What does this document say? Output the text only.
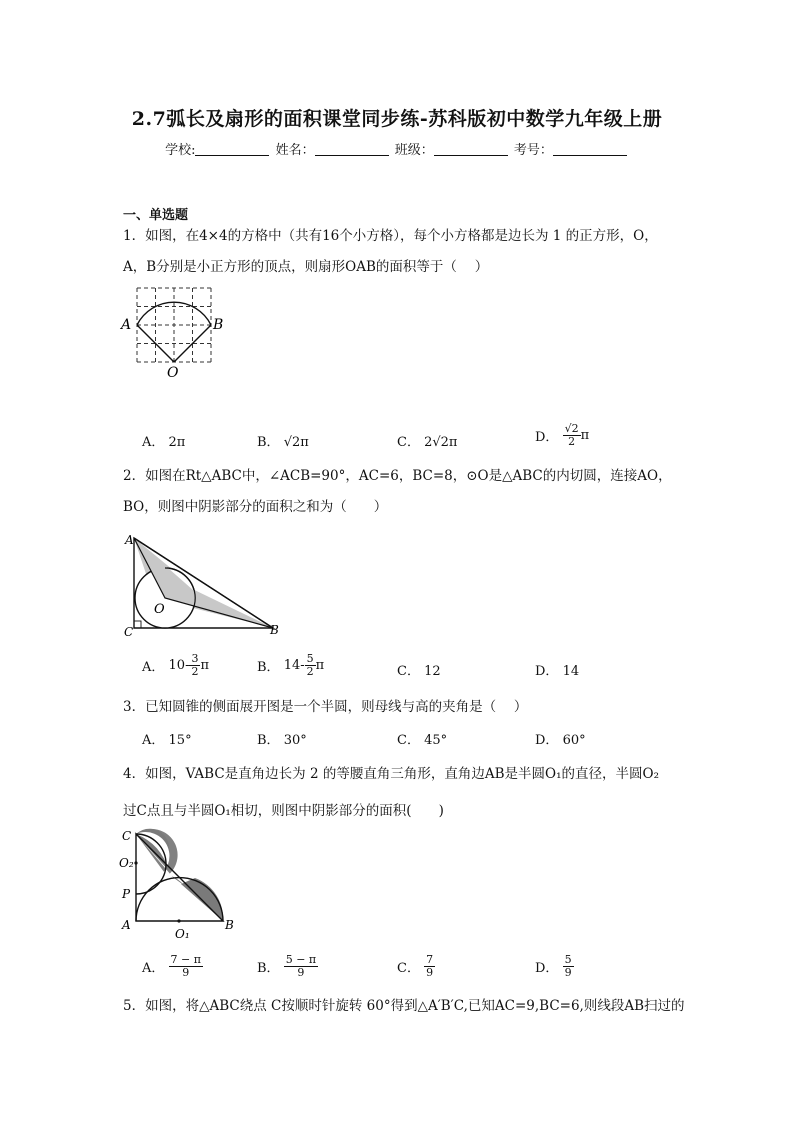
2.7弧长及扇形的面积课堂同步练-苏科版初中数学九年级上册
学校:	姓名：	班级：	考号：
一、单选题
1．如图，在4×4的方格中（共有16个小方格），每个小方格都是边长为 1 的正方形，O，
A，B分别是小正方形的顶点，则扇形OAB的面积等于（　 ）
A	B
O
A． 2π	B． √2π	C． 2√2π	D． $\frac{√2}{2}$ π
2．如图在Rt△ABC中，∠ACB=90°，AC=6，BC=8，⊙O是△ABC的内切圆，连接AO，
BO，则图中阴影部分的面积之和为（　　）
A
C	B
O
A． $10- \frac{3}{2}$ π	B． $14- \frac{5}{2}$ π	C． 12	D． 14
3．已知圆锥的侧面展开图是一个半圆，则母线与高的夹角是（　 ）
A． 15°	B． 30°	C． 45°	D． 60°
4．如图，VABC是直角边长为 2 的等腰直角三角形，直角边AB是半圆O₁的直径，半圆O₂
过C点且与半圆O₁相切，则图中阴影部分的面积(　　)
C
O₂
P
A
O₁
B
A． $\frac{7 - \pi}{9}$	B． $\frac{5 - \pi}{9}$	C． $\frac{7}{9}$	D． $\frac{5}{9}$
5．如图，将△ABC绕点 C按顺时针旋转 60°得到△A′B′C,已知AC=9,BC=6,则线段AB扫过的
